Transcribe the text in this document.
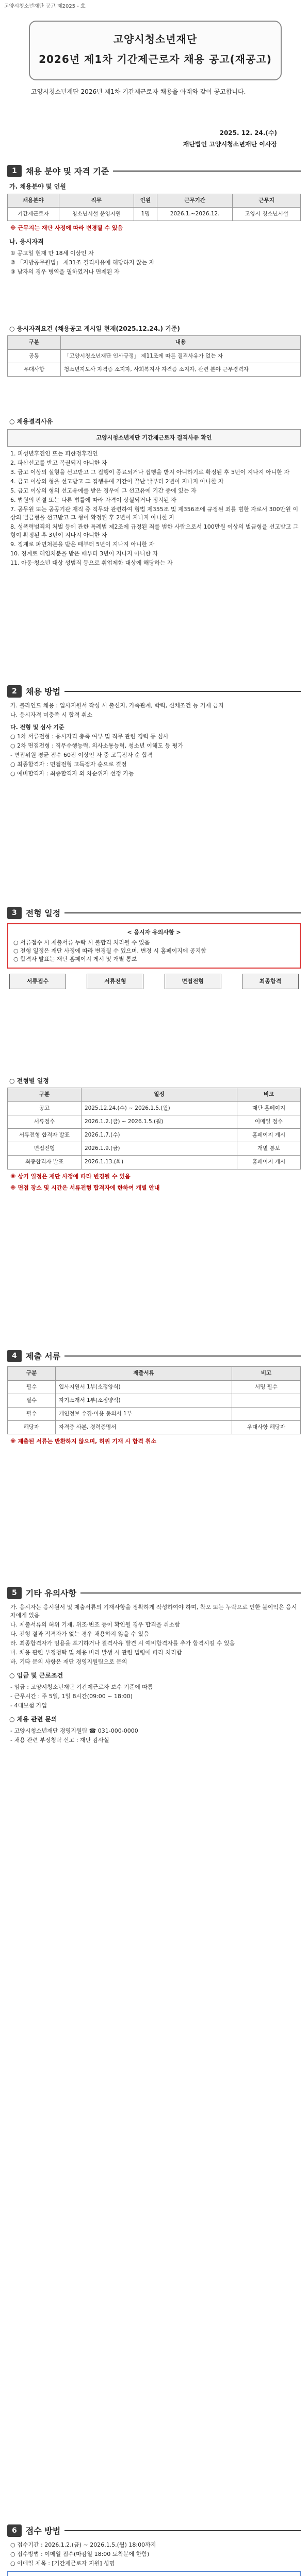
고양시청소년재단 공고 제2025 - 호
고양시청소년재단
2026년 제1차 기간제근로자 채용 공고(재공고)
고양시청소년재단 2026년 제1차 기간제근로자 채용을 아래와 같이 공고합니다.
2025. 12. 24.(수)
재단법인 고양시청소년재단 이사장
1	채용 분야 및 자격 기준
가. 채용분야 및 인원
채용분야	직무	인원	근무기간	근무지
기간제근로자	청소년시설 운영지원	1명	2026.1.~2026.12.	고양시 청소년시설
※ 근무지는 재단 사정에 따라 변경될 수 있음
나. 응시자격
① 공고일 현재 만 18세 이상인 자
② 「지방공무원법」 제31조 결격사유에 해당하지 않는 자
③ 남자의 경우 병역을 필하였거나 면제된 자
○ 응시자격요건 (채용공고 게시일 현재(2025.12.24.) 기준)
구분	내용
공통	「고양시청소년재단 인사규정」 제11조에 따른 결격사유가 없는 자
우대사항	청소년지도사 자격증 소지자, 사회복지사 자격증 소지자, 관련 분야 근무경력자
○ 채용결격사유
고양시청소년재단 기간제근로자 결격사유 확인
1. 피성년후견인 또는 피한정후견인
2. 파산선고를 받고 복권되지 아니한 자
3. 금고 이상의 실형을 선고받고 그 집행이 종료되거나 집행을 받지 아니하기로 확정된 후 5년이 지나지 아니한 자
4. 금고 이상의 형을 선고받고 그 집행유예 기간이 끝난 날부터 2년이 지나지 아니한 자
5. 금고 이상의 형의 선고유예를 받은 경우에 그 선고유예 기간 중에 있는 자
6. 법원의 판결 또는 다른 법률에 따라 자격이 상실되거나 정지된 자
7. 공무원 또는 공공기관 재직 중 직무와 관련하여 형법 제355조 및 제356조에 규정된 죄를 범한 자로서 300만원 이상의 벌금형을 선고받고 그 형이 확정된 후 2년이 지나지 아니한 자
8. 성폭력범죄의 처벌 등에 관한 특례법 제2조에 규정된 죄를 범한 사람으로서 100만원 이상의 벌금형을 선고받고 그 형이 확정된 후 3년이 지나지 아니한 자
9. 징계로 파면처분을 받은 때부터 5년이 지나지 아니한 자
10. 징계로 해임처분을 받은 때부터 3년이 지나지 아니한 자
11. 아동·청소년 대상 성범죄 등으로 취업제한 대상에 해당하는 자
2	채용 방법
가. 블라인드 채용 : 입사지원서 작성 시 출신지, 가족관계, 학력, 신체조건 등 기재 금지
나. 응시자격 미충족 시 합격 취소
다. 전형 및 심사 기준
○ 1차 서류전형 : 응시자격 충족 여부 및 직무 관련 경력 등 심사
○ 2차 면접전형 : 직무수행능력, 의사소통능력, 청소년 이해도 등 평가
- 면접위원 평균 점수 60점 이상인 자 중 고득점자 순 합격
○ 최종합격자 : 면접전형 고득점자 순으로 결정
○ 예비합격자 : 최종합격자 외 차순위자 선정 가능
3	전형 일정
< 응시자 유의사항 >
○ 서류접수 시 제출서류 누락 시 불합격 처리될 수 있음
○ 전형 일정은 재단 사정에 따라 변경될 수 있으며, 변경 시 홈페이지에 공지함
○ 합격자 발표는 재단 홈페이지 게시 및 개별 통보
서류접수	서류전형	면접전형	최종합격
○ 전형별 일정
구분	일정	비고
공고	2025.12.24.(수) ~ 2026.1.5.(월)	재단 홈페이지
서류접수	2026.1.2.(금) ~ 2026.1.5.(월)	이메일 접수
서류전형 합격자 발표	2026.1.7.(수)	홈페이지 게시
면접전형	2026.1.9.(금)	개별 통보
최종합격자 발표	2026.1.13.(화)	홈페이지 게시
※ 상기 일정은 재단 사정에 따라 변경될 수 있음
※ 면접 장소 및 시간은 서류전형 합격자에 한하여 개별 안내
4	제출 서류
구분	제출서류	비고
필수	입사지원서 1부(소정양식)	서명 필수
필수	자기소개서 1부(소정양식)	
필수	개인정보 수집·이용 동의서 1부	
해당자	자격증 사본, 경력증명서	우대사항 해당자
※ 제출된 서류는 반환하지 않으며, 허위 기재 시 합격 취소
5	기타 유의사항
가. 응시자는 응시원서 및 제출서류의 기재사항을 정확하게 작성하여야 하며, 착오 또는 누락으로 인한 불이익은 응시자에게 있음
나. 제출서류의 허위 기재, 위조·변조 등이 확인될 경우 합격을 취소함
다. 전형 결과 적격자가 없는 경우 채용하지 않을 수 있음
라. 최종합격자가 임용을 포기하거나 결격사유 발견 시 예비합격자를 추가 합격시킬 수 있음
마. 채용 관련 부정청탁 및 채용 비리 발생 시 관련 법령에 따라 처리함
바. 기타 문의 사항은 재단 경영지원팀으로 문의
○ 임금 및 근로조건
- 임금 : 고양시청소년재단 기간제근로자 보수 기준에 따름
- 근무시간 : 주 5일, 1일 8시간(09:00 ~ 18:00)
- 4대보험 가입
○ 채용 관련 문의
- 고양시청소년재단 경영지원팀 ☎ 031-000-0000
- 채용 관련 부정청탁 신고 : 재단 감사실
6	접수 방법
○ 접수기간 : 2026.1.2.(금) ~ 2026.1.5.(월) 18:00까지
○ 접수방법 : 이메일 접수(마감일 18:00 도착분에 한함)
○ 이메일 제목 : [기간제근로자 지원] 성명
